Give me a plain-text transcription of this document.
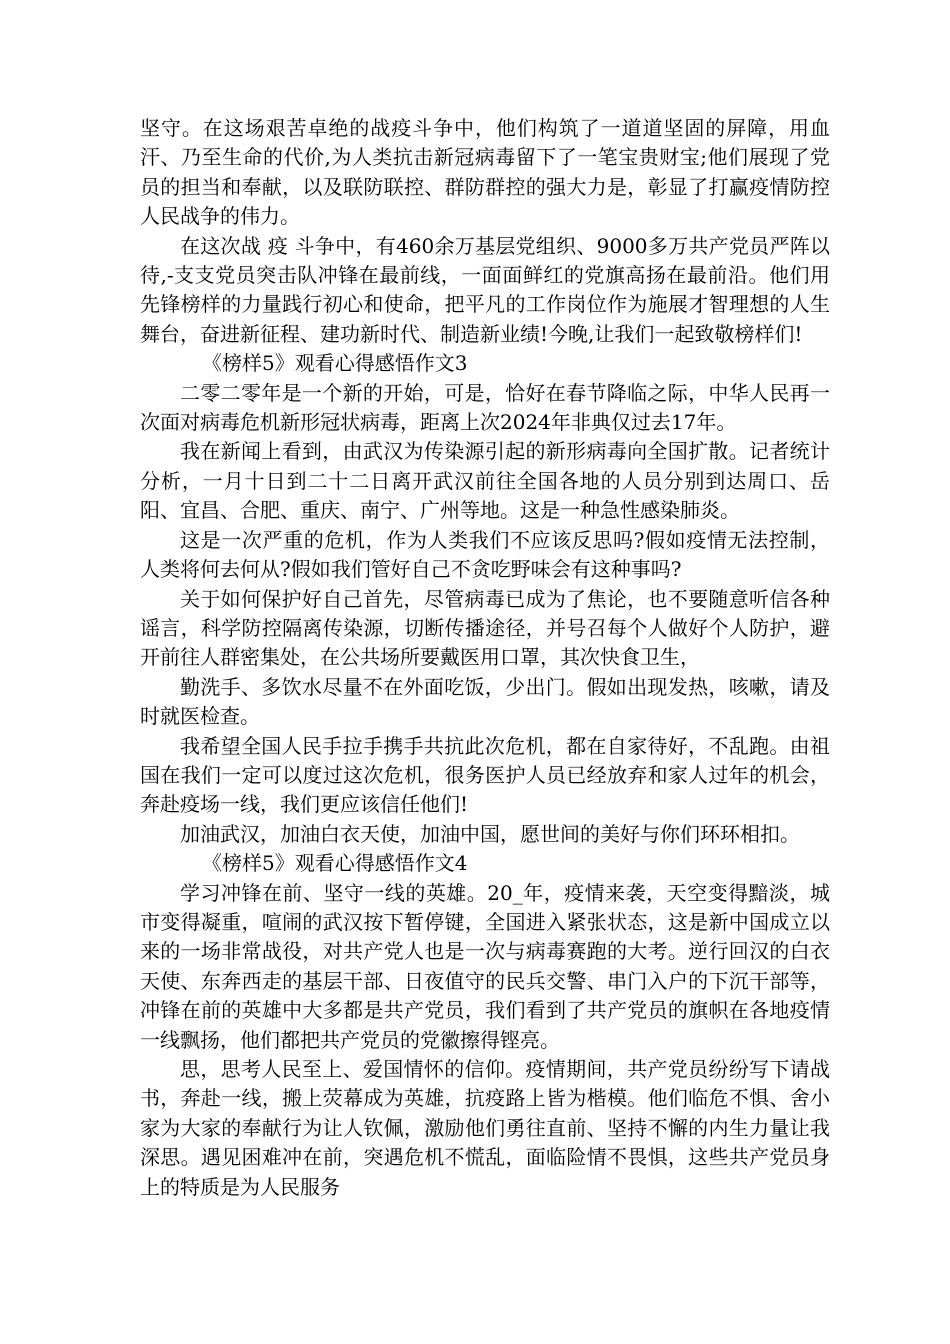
坚守。在这场艰苦卓绝的战疫斗争中，他们构筑了一道道坚固的屏障，用血汗、乃至生命的代价,为人类抗击新冠病毒留下了一笔宝贵财宝;他们展现了党员的担当和奉献，以及联防联控、群防群控的强大力是，彰显了打赢疫情防控人民战争的伟力。

在这次战 疫 斗争中，有460余万基层党组织、9000多万共产党员严阵以待,-支支党员突击队冲锋在最前线，一面面鲜红的党旗高扬在最前沿。他们用先锋榜样的力量践行初心和使命，把平凡的工作岗位作为施展才智理想的人生舞台，奋进新征程、建功新时代、制造新业绩!今晚,让我们一起致敬榜样们!

《榜样5》观看心得感悟作文3

二零二零年是一个新的开始，可是，恰好在春节降临之际，中华人民再一次面对病毒危机新形冠状病毒，距离上次2024年非典仅过去17年。

我在新闻上看到，由武汉为传染源引起的新形病毒向全国扩散。记者统计分析，一月十日到二十二日离开武汉前往全国各地的人员分别到达周口、岳阳、宜昌、合肥、重庆、南宁、广州等地。这是一种急性感染肺炎。

这是一次严重的危机，作为人类我们不应该反思吗?假如疫情无法控制，人类将何去何从?假如我们管好自己不贪吃野味会有这种事吗?

关于如何保护好自己首先，尽管病毒已成为了焦论，也不要随意听信各种谣言，科学防控隔离传染源，切断传播途径，并号召每个人做好个人防护，避开前往人群密集处，在公共场所要戴医用口罩，其次快食卫生，

勤洗手、多饮水尽量不在外面吃饭，少出门。假如出现发热，咳嗽，请及时就医检查。

我希望全国人民手拉手携手共抗此次危机，都在自家待好，不乱跑。由祖国在我们一定可以度过这次危机，很务医护人员已经放弃和家人过年的机会，奔赴疫场一线，我们更应该信任他们!

加油武汉，加油白衣天使，加油中国，愿世间的美好与你们环环相扣。

《榜样5》观看心得感悟作文4

学习冲锋在前、坚守一线的英雄。20_年，疫情来袭，天空变得黯淡，城市变得凝重，喧闹的武汉按下暂停键，全国进入紧张状态，这是新中国成立以来的一场非常战役，对共产党人也是一次与病毒赛跑的大考。逆行回汉的白衣天使、东奔西走的基层干部、日夜值守的民兵交警、串门入户的下沉干部等，冲锋在前的英雄中大多都是共产党员，我们看到了共产党员的旗帜在各地疫情一线飘扬，他们都把共产党员的党徽擦得铿亮。

思，思考人民至上、爱国情怀的信仰。疫情期间，共产党员纷纷写下请战书，奔赴一线，搬上荧幕成为英雄，抗疫路上皆为楷模。他们临危不惧、舍小家为大家的奉献行为让人钦佩，激励他们勇往直前、坚持不懈的内生力量让我深思。遇见困难冲在前，突遇危机不慌乱，面临险情不畏惧，这些共产党员身上的特质是为人民服务
